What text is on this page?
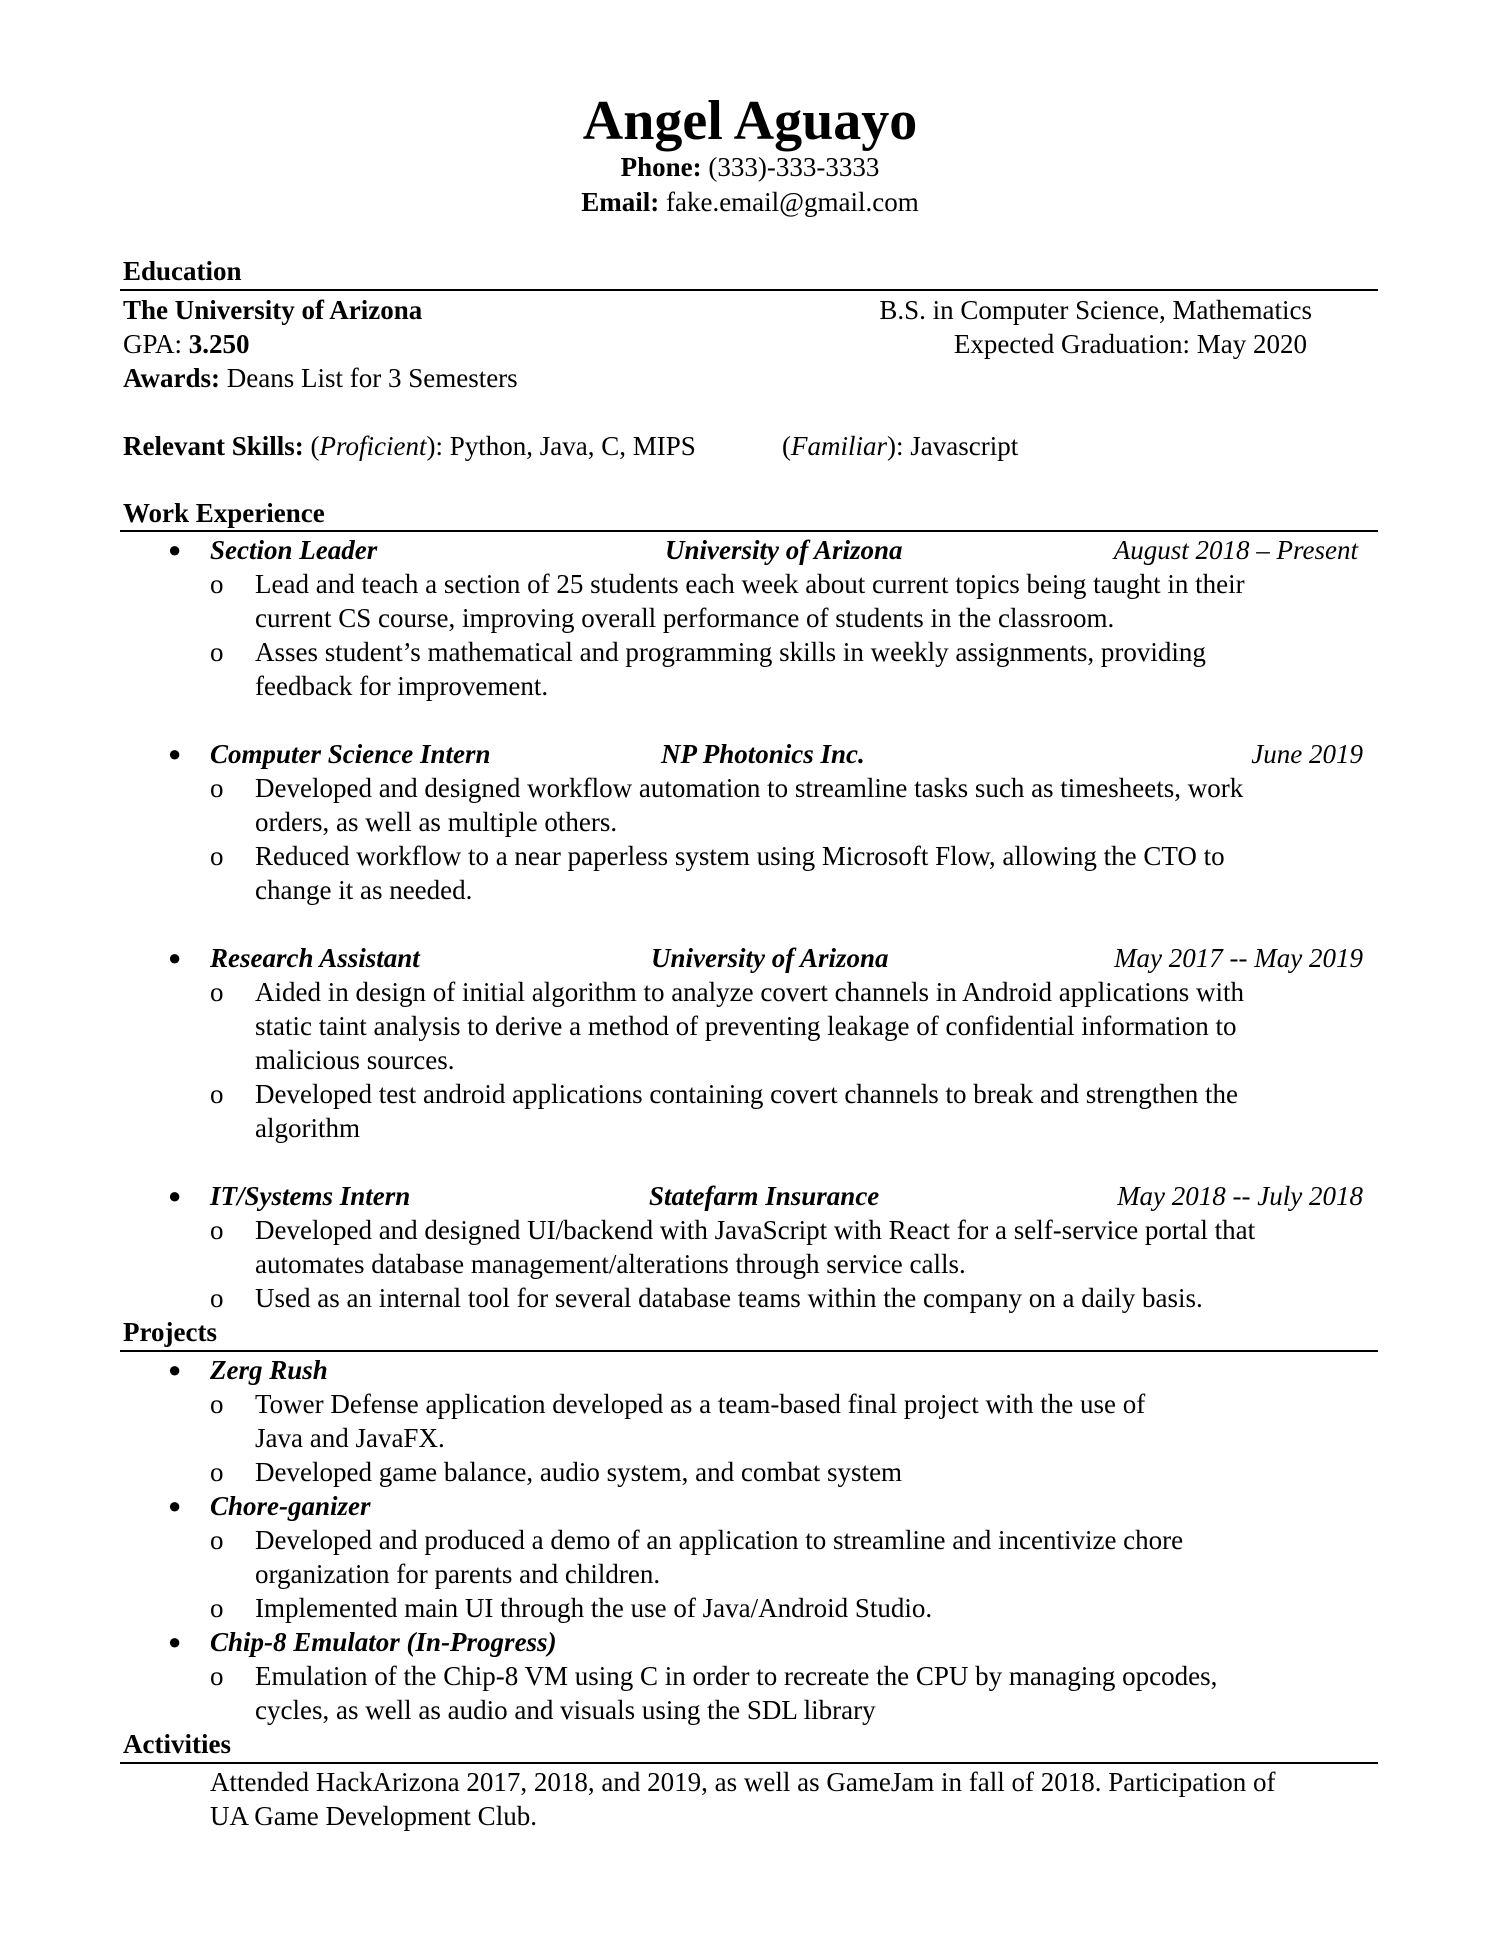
Angel Aguayo
Phone: (333)-333-3333
Email: fake.email@gmail.com
Education
The University of Arizona	B.S. in Computer Science, Mathematics
GPA: 3.250	Expected Graduation: May 2020
Awards: Deans List for 3 Semesters
Relevant Skills: (Proficient): Python, Java, C, MIPS	(Familiar): Javascript
Work Experience
● Section Leader	University of Arizona	August 2018 – Present
o Lead and teach a section of 25 students each week about current topics being taught in their
current CS course, improving overall performance of students in the classroom.
o Asses student’s mathematical and programming skills in weekly assignments, providing
feedback for improvement.
● Computer Science Intern	NP Photonics Inc.	June 2019
o Developed and designed workflow automation to streamline tasks such as timesheets, work
orders, as well as multiple others.
o Reduced workflow to a near paperless system using Microsoft Flow, allowing the CTO to
change it as needed.
● Research Assistant	University of Arizona	May 2017 -- May 2019
o Aided in design of initial algorithm to analyze covert channels in Android applications with
static taint analysis to derive a method of preventing leakage of confidential information to
malicious sources.
o Developed test android applications containing covert channels to break and strengthen the
algorithm
● IT/Systems Intern	Statefarm Insurance	May 2018 -- July 2018
o Developed and designed UI/backend with JavaScript with React for a self-service portal that
automates database management/alterations through service calls.
o Used as an internal tool for several database teams within the company on a daily basis.
Projects
● Zerg Rush
o Tower Defense application developed as a team-based final project with the use of
Java and JavaFX.
o Developed game balance, audio system, and combat system
● Chore-ganizer
o Developed and produced a demo of an application to streamline and incentivize chore
organization for parents and children.
o Implemented main UI through the use of Java/Android Studio.
● Chip-8 Emulator (In-Progress)
o Emulation of the Chip-8 VM using C in order to recreate the CPU by managing opcodes,
cycles, as well as audio and visuals using the SDL library
Activities
Attended HackArizona 2017, 2018, and 2019, as well as GameJam in fall of 2018. Participation of
UA Game Development Club.
